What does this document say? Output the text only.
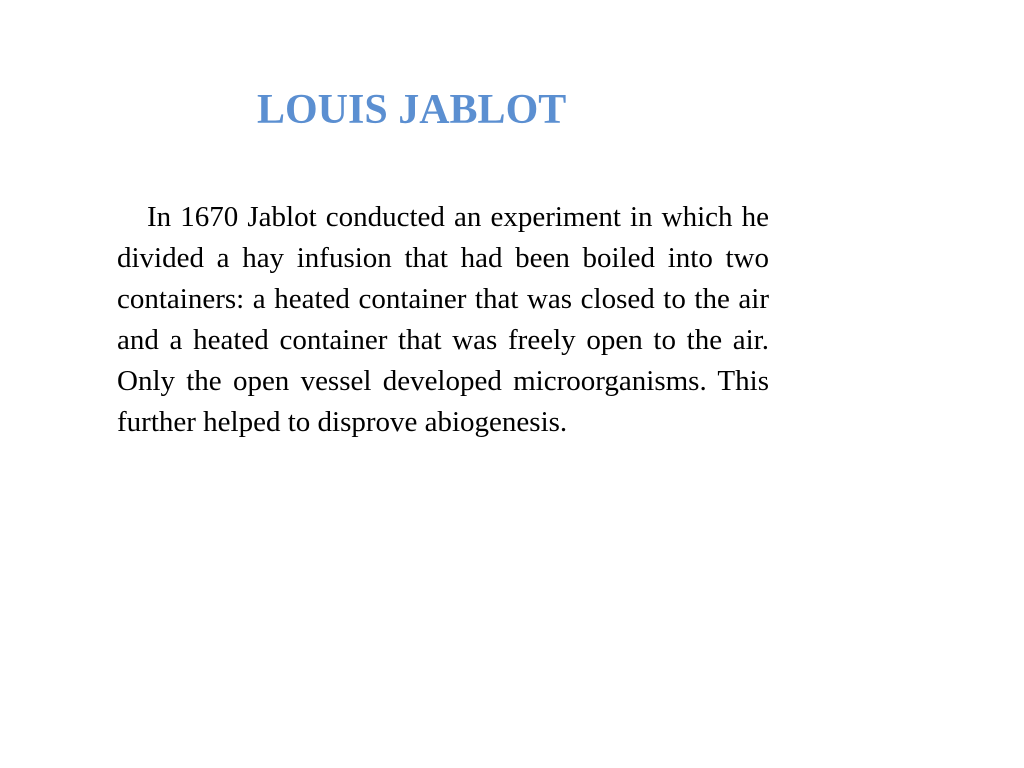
LOUIS JABLOT

In 1670 Jablot conducted an experiment in which he divided a hay infusion that had been boiled into two containers: a heated container that was closed to the air and a heated container that was freely open to the air. Only the open vessel developed microorganisms. This further helped to disprove abiogenesis.
